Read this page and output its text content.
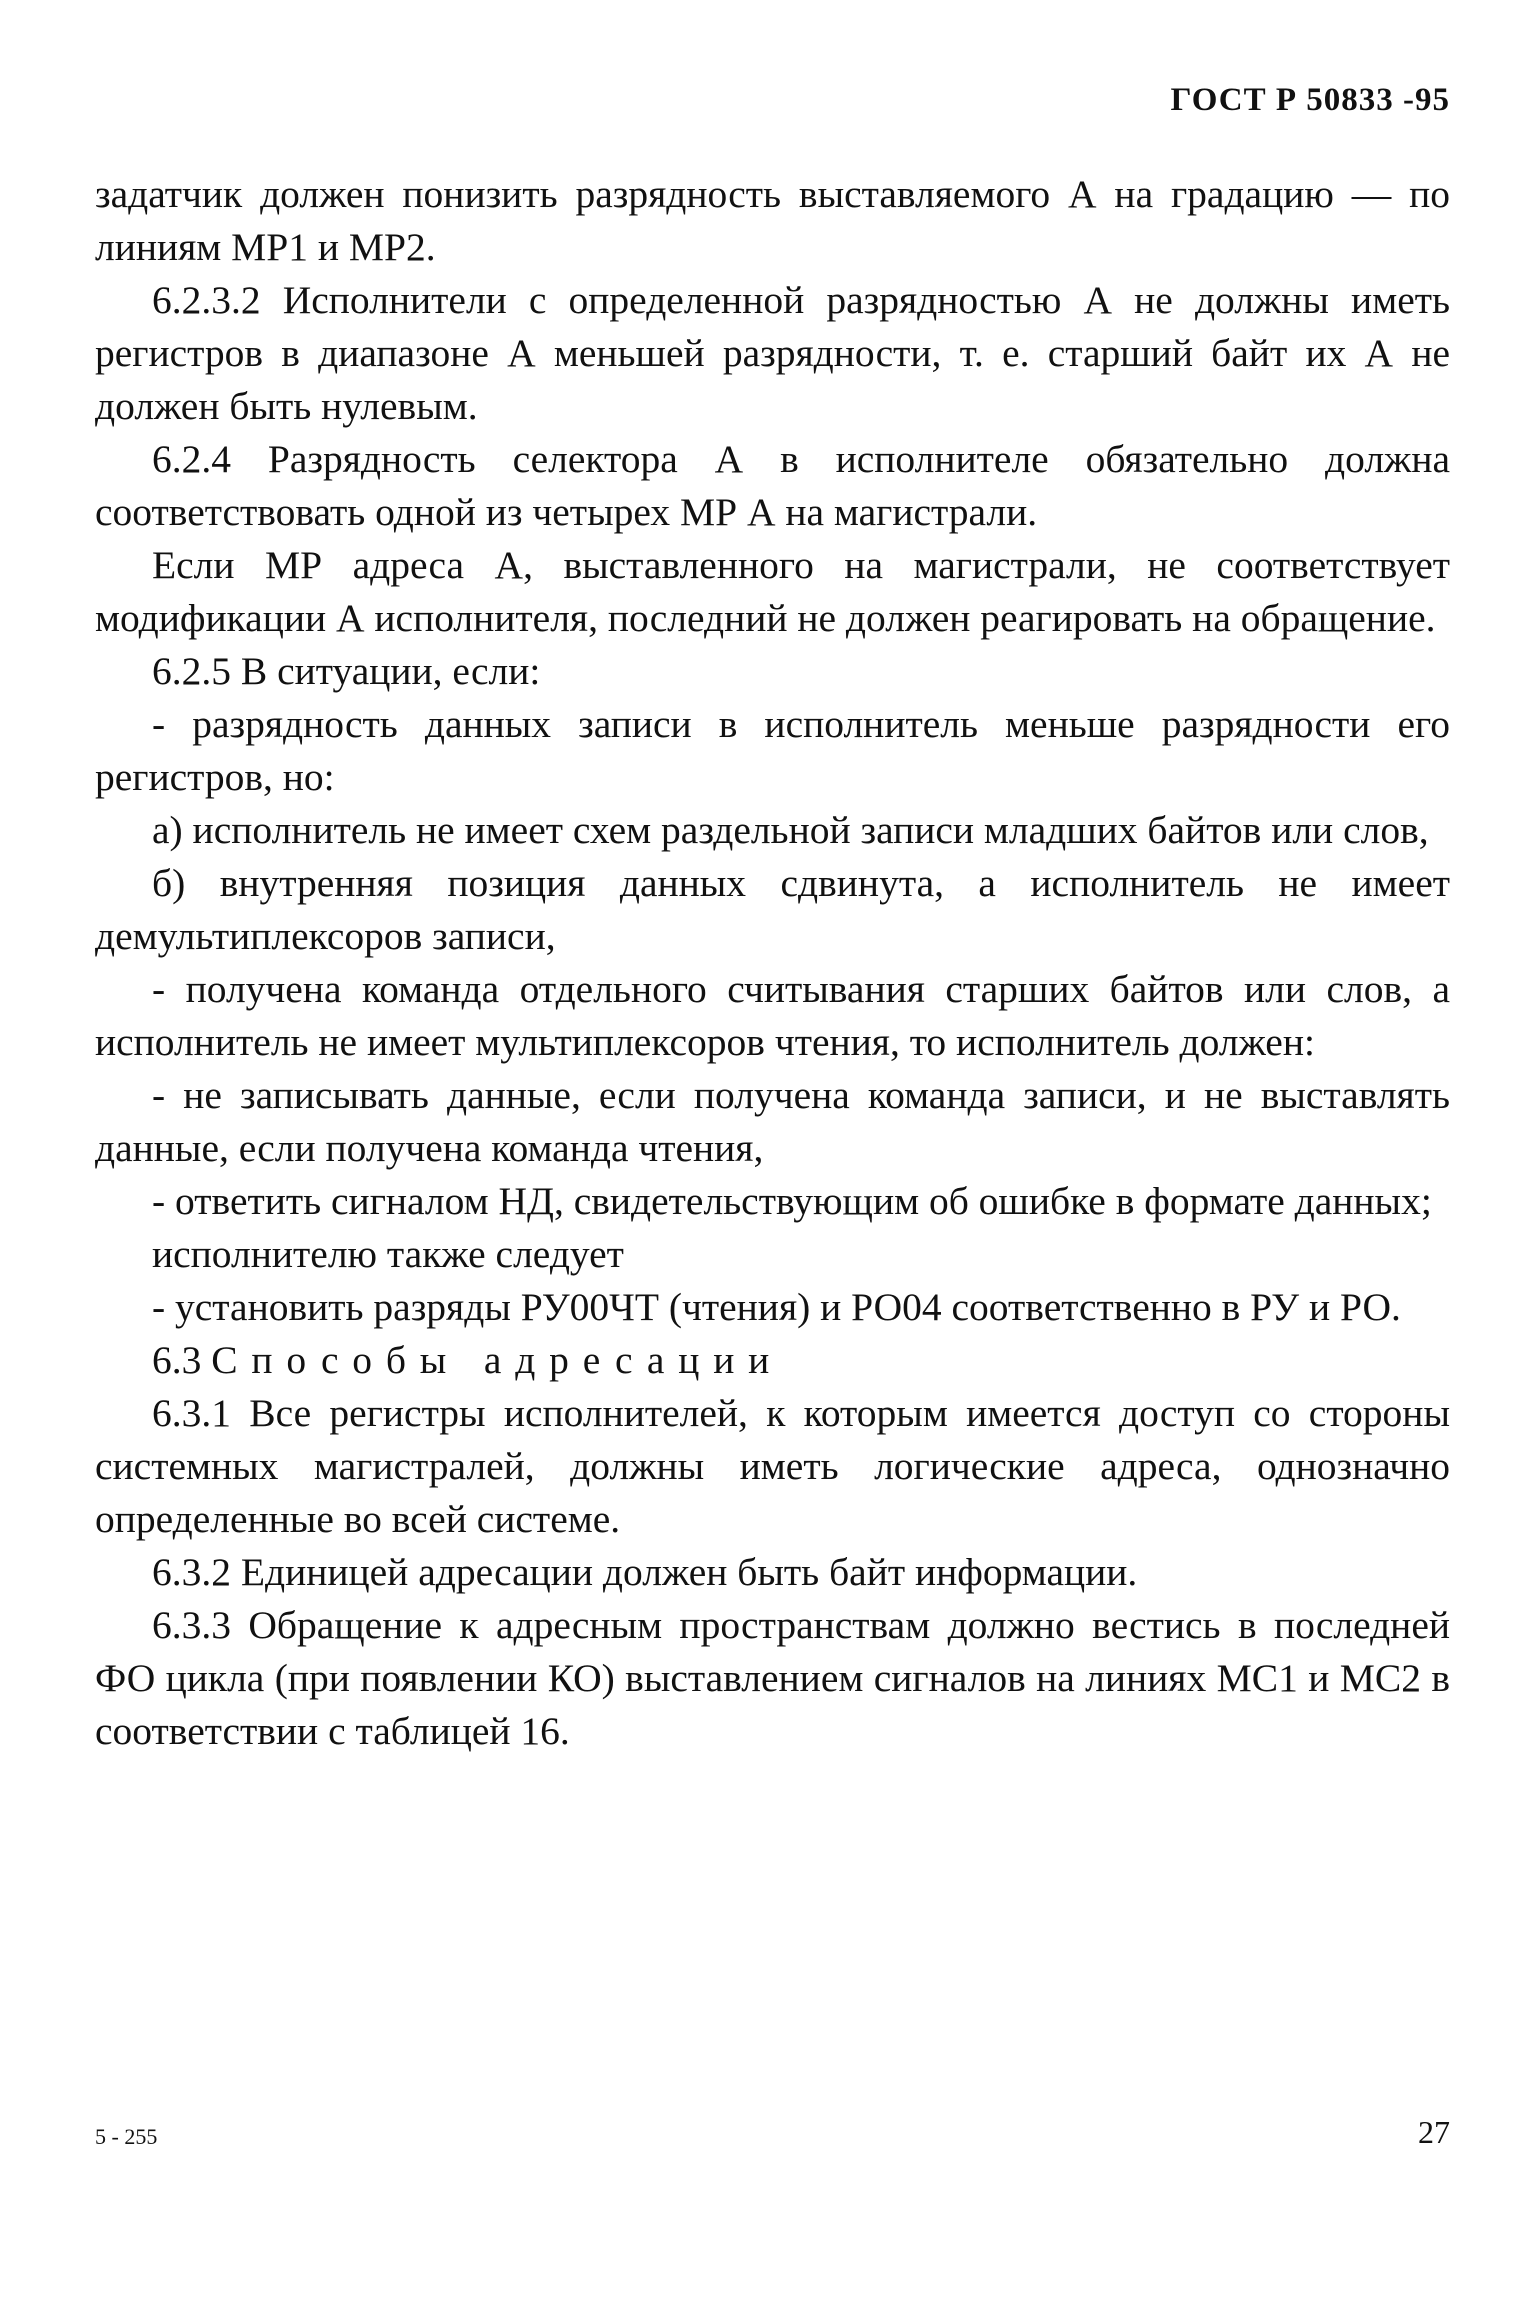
ГОСТ Р 50833 -95

задатчик должен понизить разрядность выставляемого А на градацию — по линиям МР1 и МР2.

6.2.3.2 Исполнители с определенной разрядностью А не должны иметь регистров в диапазоне А меньшей разрядности, т. е. старший байт их А не должен быть нулевым.

6.2.4 Разрядность селектора А в исполнителе обязательно должна соответствовать одной из четырех МР А на магистрали.

Если МР адреса А, выставленного на магистрали, не соответствует модификации А исполнителя, последний не должен реагировать на обращение.

6.2.5 В ситуации, если:

- разрядность данных записи в исполнитель меньше разрядности его регистров, но:

а) исполнитель не имеет схем раздельной записи младших байтов или слов,

б) внутренняя позиция данных сдвинута, а исполнитель не имеет демультиплексоров записи,

- получена команда отдельного считывания старших байтов или слов, а исполнитель не имеет мультиплексоров чтения, то исполнитель должен:

- не записывать данные, если получена команда записи, и не выставлять данные, если получена команда чтения,

- ответить сигналом НД, свидетельствующим об ошибке в формате данных;

исполнителю также следует

- установить разряды РУ00ЧТ (чтения) и РО04 соответственно в РУ и РО.

6.3 Способы адресации

6.3.1 Все регистры исполнителей, к которым имеется доступ со стороны системных магистралей, должны иметь логические адреса, однозначно определенные во всей системе.

6.3.2 Единицей адресации должен быть байт информации.

6.3.3 Обращение к адресным пространствам должно вестись в последней ФО цикла (при появлении КО) выставлением сигналов на линиях МС1 и МС2 в соответствии с таблицей 16.

5 - 255	27
